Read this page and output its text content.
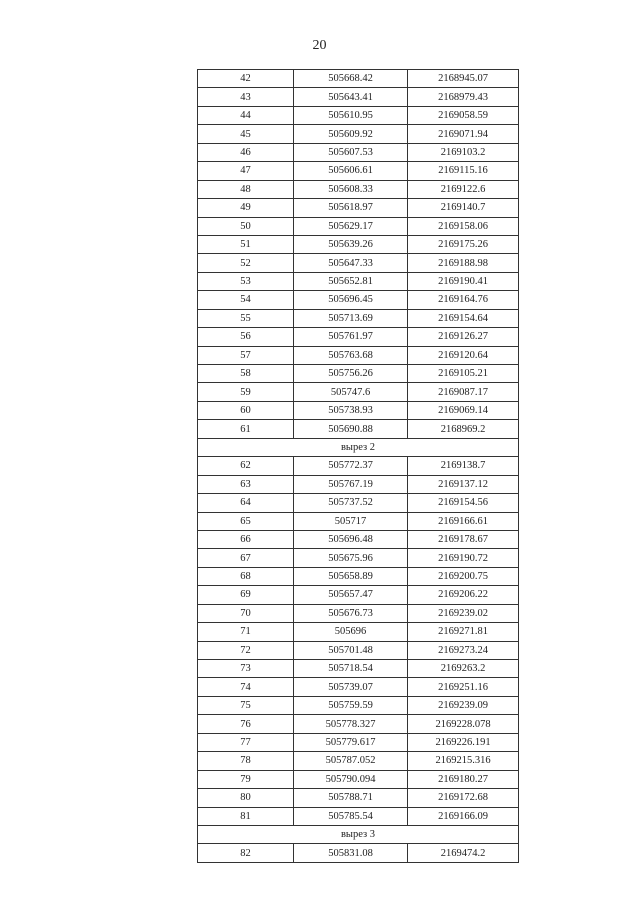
20
42	505668.42	2168945.07
43	505643.41	2168979.43
44	505610.95	2169058.59
45	505609.92	2169071.94
46	505607.53	2169103.2
47	505606.61	2169115.16
48	505608.33	2169122.6
49	505618.97	2169140.7
50	505629.17	2169158.06
51	505639.26	2169175.26
52	505647.33	2169188.98
53	505652.81	2169190.41
54	505696.45	2169164.76
55	505713.69	2169154.64
56	505761.97	2169126.27
57	505763.68	2169120.64
58	505756.26	2169105.21
59	505747.6	2169087.17
60	505738.93	2169069.14
61	505690.88	2168969.2
вырез 2		
62	505772.37	2169138.7
63	505767.19	2169137.12
64	505737.52	2169154.56
65	505717	2169166.61
66	505696.48	2169178.67
67	505675.96	2169190.72
68	505658.89	2169200.75
69	505657.47	2169206.22
70	505676.73	2169239.02
71	505696	2169271.81
72	505701.48	2169273.24
73	505718.54	2169263.2
74	505739.07	2169251.16
75	505759.59	2169239.09
76	505778.327	2169228.078
77	505779.617	2169226.191
78	505787.052	2169215.316
79	505790.094	2169180.27
80	505788.71	2169172.68
81	505785.54	2169166.09
вырез 3		
82	505831.08	2169474.2
